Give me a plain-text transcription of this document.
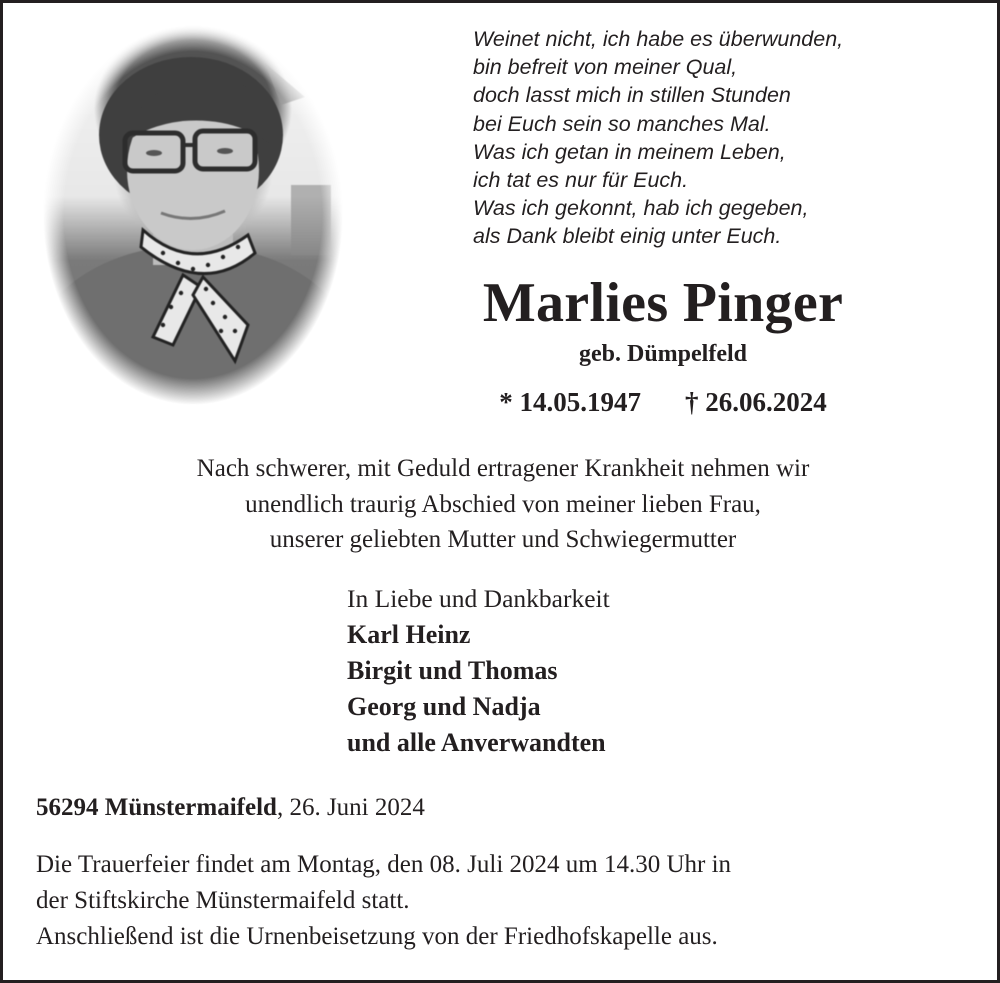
Weinet nicht, ich habe es überwunden,
bin befreit von meiner Qual,
doch lasst mich in stillen Stunden
bei Euch sein so manches Mal.
Was ich getan in meinem Leben,
ich tat es nur für Euch.
Was ich gekonnt, hab ich gegeben,
als Dank bleibt einig unter Euch.
Marlies Pinger
geb. Dümpelfeld
* 14.05.1947 † 26.06.2024
Nach schwerer, mit Geduld ertragener Krankheit nehmen wir
unendlich traurig Abschied von meiner lieben Frau,
unserer geliebten Mutter und Schwiegermutter
In Liebe und Dankbarkeit
Karl Heinz
Birgit und Thomas
Georg und Nadja
und alle Anverwandten
56294 Münstermaifeld, 26. Juni 2024
Die Trauerfeier findet am Montag, den 08. Juli 2024 um 14.30 Uhr in
der Stiftskirche Münstermaifeld statt.
Anschließend ist die Urnenbeisetzung von der Friedhofskapelle aus.
